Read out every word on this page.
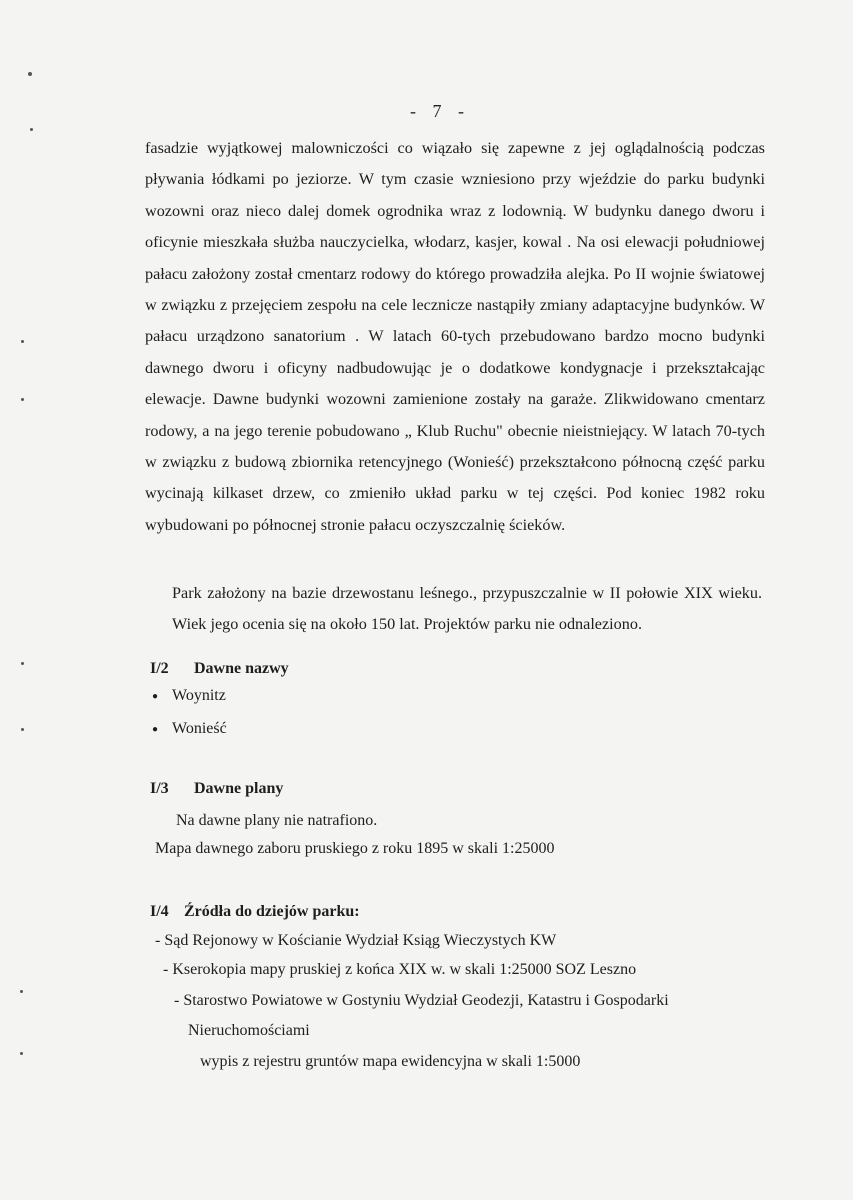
- 7 -
fasadzie wyjątkowej malowniczości co wiązało się zapewne z jej oglądalnością podczas pływania łódkami po jeziorze. W tym czasie wzniesiono przy wjeździe do parku budynki wozowni oraz nieco dalej domek ogrodnika wraz z lodownią. W budynku danego dworu i oficynie mieszkała służba nauczycielka, włodarz, kasjer, kowal . Na osi elewacji południowej pałacu założony został cmentarz rodowy do którego prowadziła alejka. Po II wojnie światowej w związku z przejęciem zespołu na cele lecznicze nastąpiły zmiany adaptacyjne budynków. W pałacu urządzono sanatorium . W latach 60-tych przebudowano bardzo mocno budynki dawnego dworu i oficyny nadbudowując je o dodatkowe kondygnacje i przekształcając elewacje. Dawne budynki wozowni zamienione zostały na garaże. Zlikwidowano cmentarz rodowy, a na jego terenie pobudowano „ Klub Ruchu" obecnie nieistniejący. W latach 70-tych w związku z budową zbiornika retencyjnego (Wonieść) przekształcono północną część parku wycinają kilkaset drzew, co zmieniło układ parku w tej części. Pod koniec 1982 roku wybudowani po północnej stronie pałacu oczyszczalnię ścieków.
Park założony na bazie drzewostanu leśnego., przypuszczalnie w II połowie XIX wieku. Wiek jego ocenia się na około 150 lat. Projektów parku nie odnaleziono.
I/2 Dawne nazwy
● Woynitz
● Wonieść
I/3 Dawne plany
Na dawne plany nie natrafiono.
Mapa dawnego zaboru pruskiego z roku 1895 w skali 1:25000
I/4 Źródła do dziejów parku:
- Sąd Rejonowy w Kościanie Wydział Ksiąg Wieczystych KW
- Kserokopia mapy pruskiej z końca XIX w. w skali 1:25000 SOZ Leszno
- Starostwo Powiatowe w Gostyniu Wydział Geodezji, Katastru i Gospodarki
Nieruchomościami
wypis z rejestru gruntów mapa ewidencyjna w skali 1:5000
